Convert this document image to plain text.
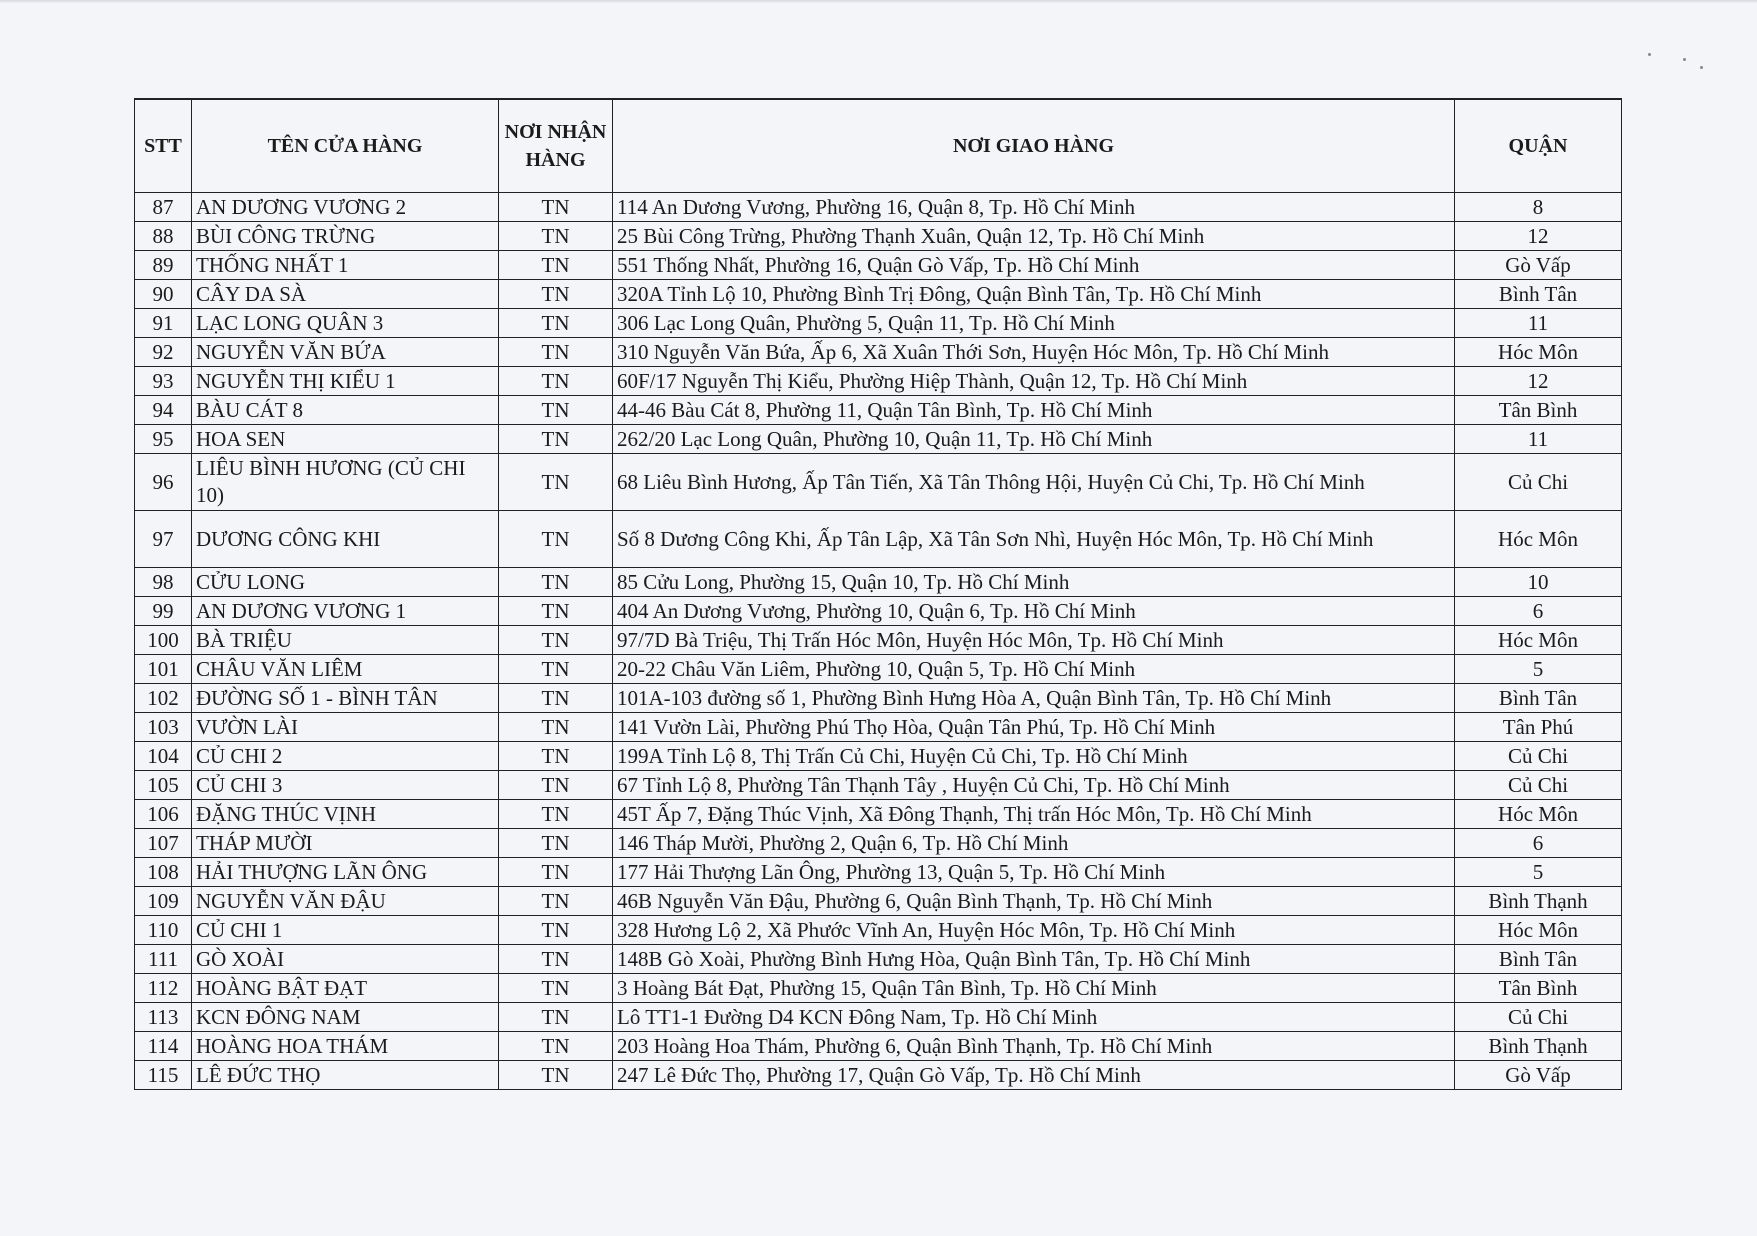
STT	TÊN CỬA HÀNG	NƠI NHẬN HÀNG	NƠI GIAO HÀNG	QUẬN
87	AN DƯƠNG VƯƠNG 2	TN	114 An Dương Vương, Phường 16, Quận 8, Tp. Hồ Chí Minh	8
88	BÙI CÔNG TRỪNG	TN	25 Bùi Công Trừng, Phường Thạnh Xuân, Quận 12, Tp. Hồ Chí Minh	12
89	THỐNG NHẤT 1	TN	551 Thống Nhất, Phường 16, Quận Gò Vấp, Tp. Hồ Chí Minh	Gò Vấp
90	CÂY DA SÀ	TN	320A Tỉnh Lộ 10, Phường Bình Trị Đông, Quận Bình Tân, Tp. Hồ Chí Minh	Bình Tân
91	LẠC LONG QUÂN 3	TN	306 Lạc Long Quân, Phường 5, Quận 11, Tp. Hồ Chí Minh	11
92	NGUYỄN VĂN BỨA	TN	310 Nguyễn Văn Bứa, Ấp 6, Xã Xuân Thới Sơn, Huyện Hóc Môn, Tp. Hồ Chí Minh	Hóc Môn
93	NGUYỄN THỊ KIỂU 1	TN	60F/17 Nguyễn Thị Kiểu, Phường Hiệp Thành, Quận 12, Tp. Hồ Chí Minh	12
94	BÀU CÁT 8	TN	44-46 Bàu Cát 8, Phường 11, Quận Tân Bình, Tp. Hồ Chí Minh	Tân Bình
95	HOA SEN	TN	262/20 Lạc Long Quân, Phường 10, Quận 11, Tp. Hồ Chí Minh	11
96	LIÊU BÌNH HƯƠNG (CỦ CHI 10)	TN	68 Liêu Bình Hương, Ấp Tân Tiến, Xã Tân Thông Hội, Huyện Củ Chi, Tp. Hồ Chí Minh	Củ Chi
97	DƯƠNG CÔNG KHI	TN	Số 8 Dương Công Khi, Ấp Tân Lập, Xã Tân Sơn Nhì, Huyện Hóc Môn, Tp. Hồ Chí Minh	Hóc Môn
98	CỬU LONG	TN	85 Cửu Long, Phường 15, Quận 10, Tp. Hồ Chí Minh	10
99	AN DƯƠNG VƯƠNG 1	TN	404 An Dương Vương, Phường 10, Quận 6, Tp. Hồ Chí Minh	6
100	BÀ TRIỆU	TN	97/7D Bà Triệu, Thị Trấn Hóc Môn, Huyện Hóc Môn, Tp. Hồ Chí Minh	Hóc Môn
101	CHÂU VĂN LIÊM	TN	20-22 Châu Văn Liêm, Phường 10, Quận 5, Tp. Hồ Chí Minh	5
102	ĐƯỜNG SỐ 1 - BÌNH TÂN	TN	101A-103 đường số 1, Phường Bình Hưng Hòa A, Quận Bình Tân, Tp. Hồ Chí Minh	Bình Tân
103	VƯỜN LÀI	TN	141 Vườn Lài, Phường Phú Thọ Hòa, Quận Tân Phú, Tp. Hồ Chí Minh	Tân Phú
104	CỦ CHI 2	TN	199A Tỉnh Lộ 8, Thị Trấn Củ Chi, Huyện Củ Chi, Tp. Hồ Chí Minh	Củ Chi
105	CỦ CHI 3	TN	67 Tỉnh Lộ 8, Phường Tân Thạnh Tây , Huyện Củ Chi, Tp. Hồ Chí Minh	Củ Chi
106	ĐẶNG THÚC VỊNH	TN	45T Ấp 7, Đặng Thúc Vịnh, Xã Đông Thạnh, Thị trấn Hóc Môn, Tp. Hồ Chí Minh	Hóc Môn
107	THÁP MƯỜI	TN	146 Tháp Mười, Phường 2, Quận 6, Tp. Hồ Chí Minh	6
108	HẢI THƯỢNG LÃN ÔNG	TN	177 Hải Thượng Lãn Ông, Phường 13, Quận 5, Tp. Hồ Chí Minh	5
109	NGUYỄN VĂN ĐẬU	TN	46B Nguyễn Văn Đậu, Phường 6, Quận Bình Thạnh, Tp. Hồ Chí Minh	Bình Thạnh
110	CỦ CHI 1	TN	328 Hương Lộ 2, Xã Phước Vĩnh An, Huyện Hóc Môn, Tp. Hồ Chí Minh	Hóc Môn
111	GÒ XOÀI	TN	148B Gò Xoài, Phường Bình Hưng Hòa, Quận Bình Tân, Tp. Hồ Chí Minh	Bình Tân
112	HOÀNG BẬT ĐẠT	TN	3 Hoàng Bát Đạt, Phường 15, Quận Tân Bình, Tp. Hồ Chí Minh	Tân Bình
113	KCN ĐÔNG NAM	TN	Lô TT1-1 Đường D4 KCN Đông Nam, Tp. Hồ Chí Minh	Củ Chi
114	HOÀNG HOA THÁM	TN	203 Hoàng Hoa Thám, Phường 6, Quận Bình Thạnh, Tp. Hồ Chí Minh	Bình Thạnh
115	LÊ ĐỨC THỌ	TN	247 Lê Đức Thọ, Phường 17, Quận Gò Vấp, Tp. Hồ Chí Minh	Gò Vấp
